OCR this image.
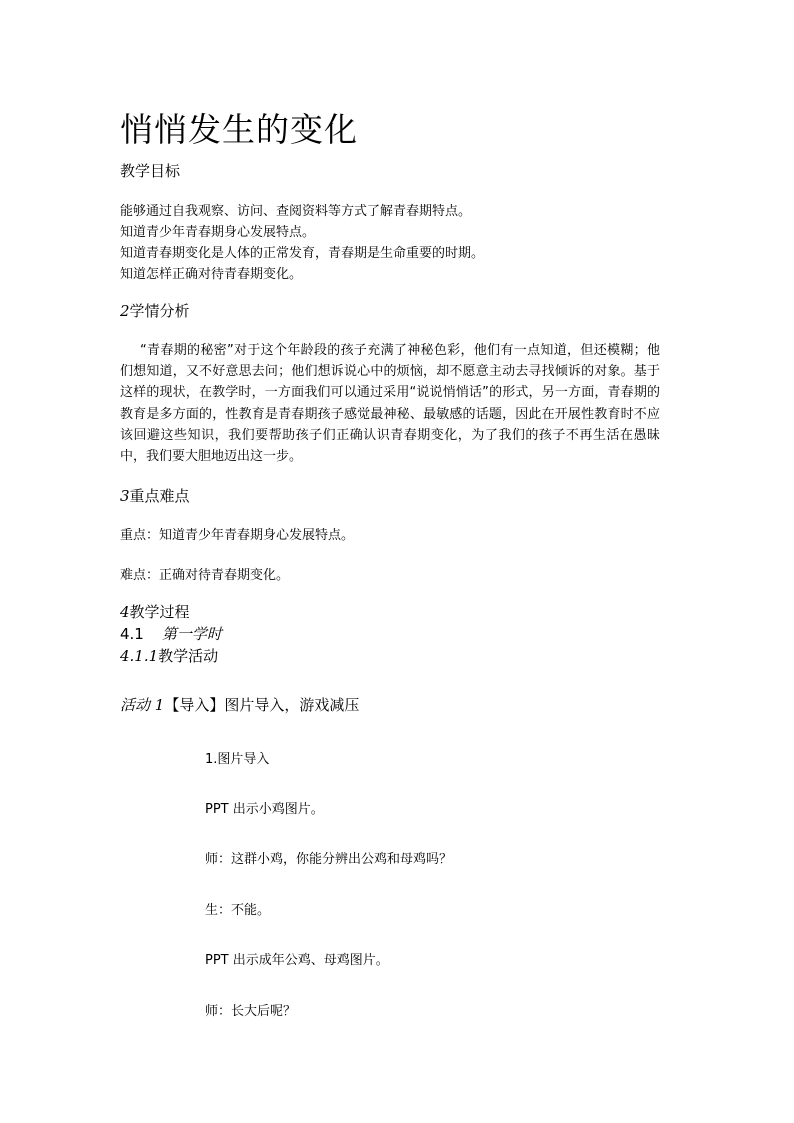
悄悄发生的变化
教学目标
能够通过自我观察、访问、查阅资料等方式了解青春期特点。
知道青少年青春期身心发展特点。
知道青春期变化是人体的正常发育，青春期是生命重要的时期。
知道怎样正确对待青春期变化。
2学情分析
“青春期的秘密”对于这个年龄段的孩子充满了神秘色彩，他们有一点知道，但还模糊；他们想知道，又不好意思去问；他们想诉说心中的烦恼，却不愿意主动去寻找倾诉的对象。基于这样的现状，在教学时，一方面我们可以通过采用“说说悄悄话”的形式，另一方面，青春期的教育是多方面的，性教育是青春期孩子感觉最神秘、最敏感的话题，因此在开展性教育时不应该回避这些知识，我们要帮助孩子们正确认识青春期变化，为了我们的孩子不再生活在愚昧中，我们要大胆地迈出这一步。
3重点难点
重点：知道青少年青春期身心发展特点。
难点：正确对待青春期变化。
4教学过程
4.1 第一学时
4.1.1教学活动
活动 1【导入】图片导入，游戏减压
1.图片导入
PPT 出示小鸡图片。
师：这群小鸡，你能分辨出公鸡和母鸡吗？
生：不能。
PPT 出示成年公鸡、母鸡图片。
师：长大后呢？
